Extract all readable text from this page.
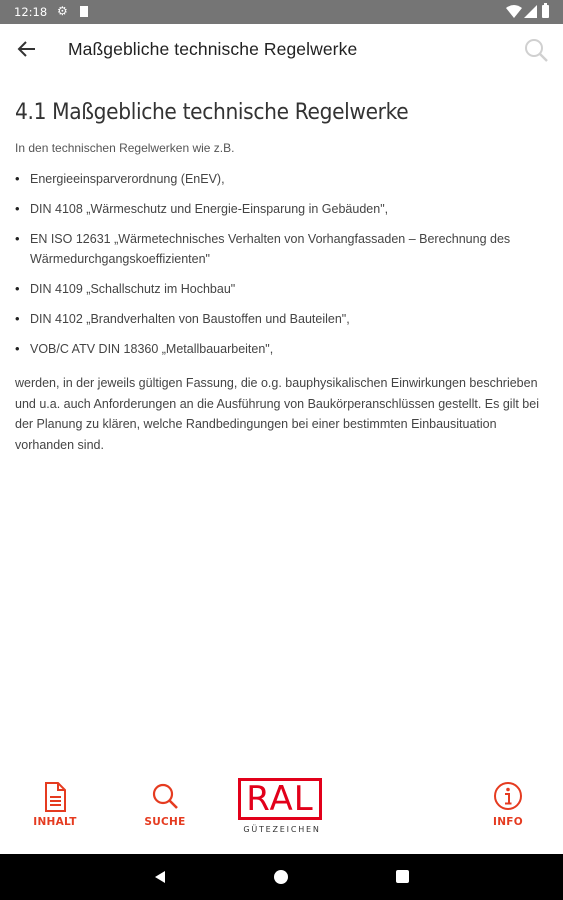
12:18 ⚙
Maßgebliche technische Regelwerke
4.1 Maßgebliche technische Regelwerke
In den technischen Regelwerken wie z.B.
• Energieeinsparverordnung (EnEV),
• DIN 4108 „Wärmeschutz und Energie-Einsparung in Gebäuden",
• EN ISO 12631 „Wärmetechnisches Verhalten von Vorhangfassaden – Berechnung des Wärmedurchgangskoeffizienten"
• DIN 4109 „Schallschutz im Hochbau"
• DIN 4102 „Brandverhalten von Baustoffen und Bauteilen",
• VOB/C ATV DIN 18360 „Metallbauarbeiten",
werden, in der jeweils gültigen Fassung, die o.g. bauphysikalischen Einwirkungen beschrieben und u.a. auch Anforderungen an die Ausführung von Baukörperanschlüssen gestellt. Es gilt bei der Planung zu klären, welche Randbedingungen bei einer bestimmten Einbausituation vorhanden sind.
INHALT	SUCHE
RAL
GÜTEZEICHEN
INFO
